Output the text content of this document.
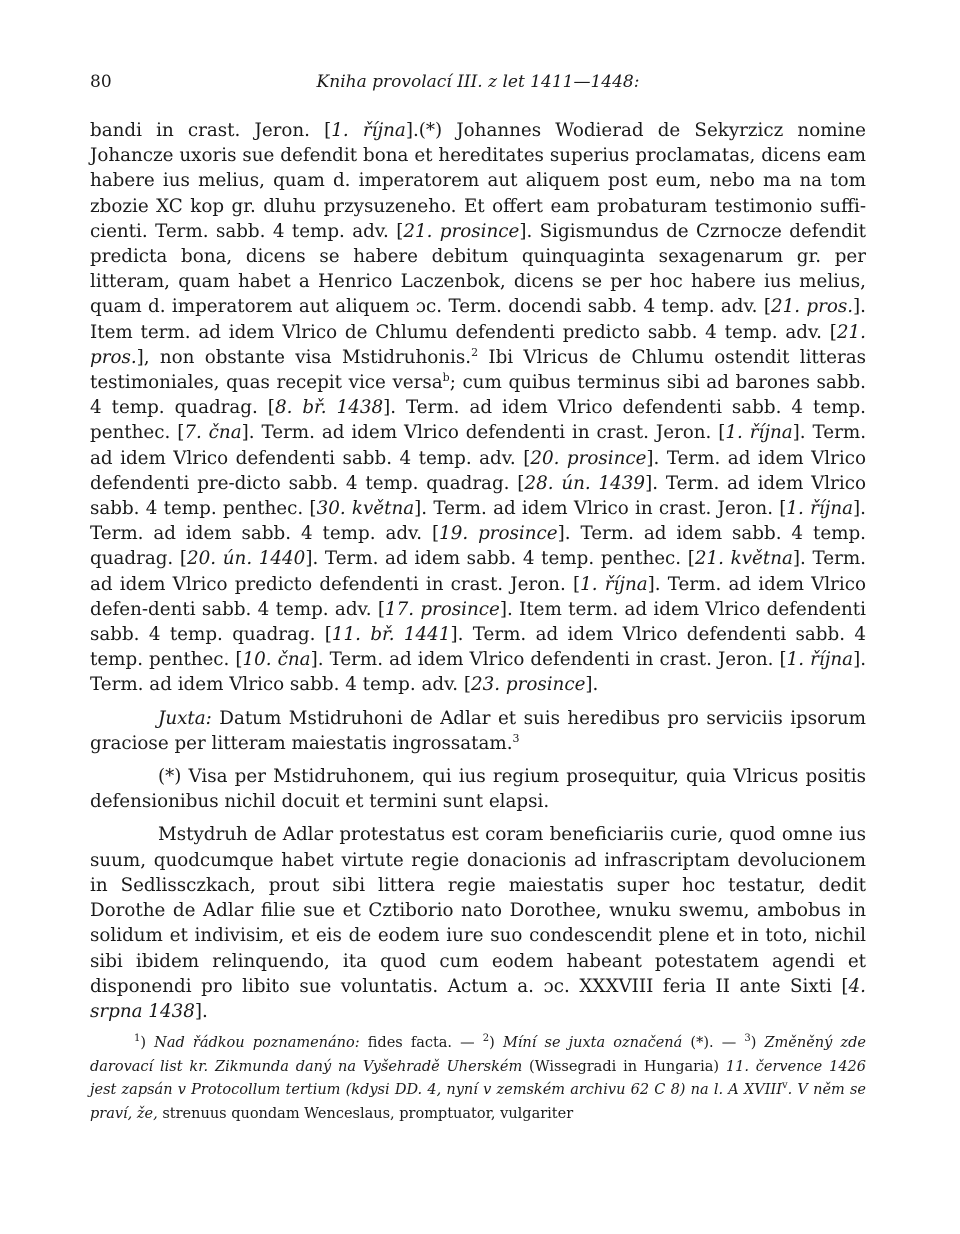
80	Kniha provolací III. z let 1411—1448:

bandi in crast. Jeron. [1. října].(*) Johannes Wodierad de Sekyrzicz nomine Johancze uxoris sue defendit bona et hereditates superius proclamatas, dicens eam habere ius melius, quam d. imperatorem aut aliquem post eum, nebo ma na tom zbozie XC kop gr. dluhu przysuzeneho. Et offert eam probaturam testimonio suffi-cienti. Term. sabb. 4 temp. adv. [21. prosince]. Sigismundus de Czrnocze defendit predicta bona, dicens se habere debitum quinquaginta sexagenarum gr. per litteram, quam habet a Henrico Laczenbok, dicens se per hoc habere ius melius, quam d. imperatorem aut aliquem ɔc. Term. docendi sabb. 4 temp. adv. [21. pros.]. Item term. ad idem Vlrico de Chlumu defendenti predicto sabb. 4 temp. adv. [21. pros.], non obstante visa Mstidruhonis.$^2$ Ibi Vlricus de Chlumu ostendit litteras testimoniales, quas recepit vice versa$^b$; cum quibus terminus sibi ad barones sabb. 4 temp. quadrag. [8. bř. 1438]. Term. ad idem Vlrico defendenti sabb. 4 temp. penthec. [7. čna]. Term. ad idem Vlrico defendenti in crast. Jeron. [1. října]. Term. ad idem Vlrico defendenti sabb. 4 temp. adv. [20. prosince]. Term. ad idem Vlrico defendenti pre-dicto sabb. 4 temp. quadrag. [28. ún. 1439]. Term. ad idem Vlrico sabb. 4 temp. penthec. [30. května]. Term. ad idem Vlrico in crast. Jeron. [1. října]. Term. ad idem sabb. 4 temp. adv. [19. prosince]. Term. ad idem sabb. 4 temp. quadrag. [20. ún. 1440]. Term. ad idem sabb. 4 temp. penthec. [21. května]. Term. ad idem Vlrico predicto defendenti in crast. Jeron. [1. října]. Term. ad idem Vlrico defen-denti sabb. 4 temp. adv. [17. prosince]. Item term. ad idem Vlrico defendenti sabb. 4 temp. quadrag. [11. bř. 1441]. Term. ad idem Vlrico defendenti sabb. 4 temp. penthec. [10. čna]. Term. ad idem Vlrico defendenti in crast. Jeron. [1. října]. Term. ad idem Vlrico sabb. 4 temp. adv. [23. prosince].

Juxta: Datum Mstidruhoni de Adlar et suis heredibus pro serviciis ipsorum graciose per litteram maiestatis ingrossatam.$^3$

(*) Visa per Mstidruhonem, qui ius regium prosequitur, quia Vlricus positis defensionibus nichil docuit et termini sunt elapsi.

Mstydruh de Adlar protestatus est coram beneficiariis curie, quod omne ius suum, quodcumque habet virtute regie donacionis ad infrascriptam devolucionem in Sedlissczkach, prout sibi littera regie maiestatis super hoc testatur, dedit Dorothe de Adlar filie sue et Cztiborio nato Dorothee, wnuku swemu, ambobus in solidum et indivisim, et eis de eodem iure suo condescendit plene et in toto, nichil sibi ibidem relinquendo, ita quod cum eodem habeant potestatem agendi et disponendi pro libito sue voluntatis. Actum a. ɔc. XXXVIII feria II ante Sixti [4. srpna 1438].

$^1$) Nad řádkou poznamenáno: fides facta. — $^2$) Míní se juxta označená (*). — $^3$) Změněný zde darovací list kr. Zikmunda daný na Vyšehradě Uherském (Wissegradi in Hungaria) 11. července 1426 jest zapsán v Protocollum tertium (kdysi DD. 4, nyní v zemském archivu 62 C 8) na l. A XVIII$^v$. V něm se praví, že, strenuus quondam Wenceslaus, promptuator, vulgariter
